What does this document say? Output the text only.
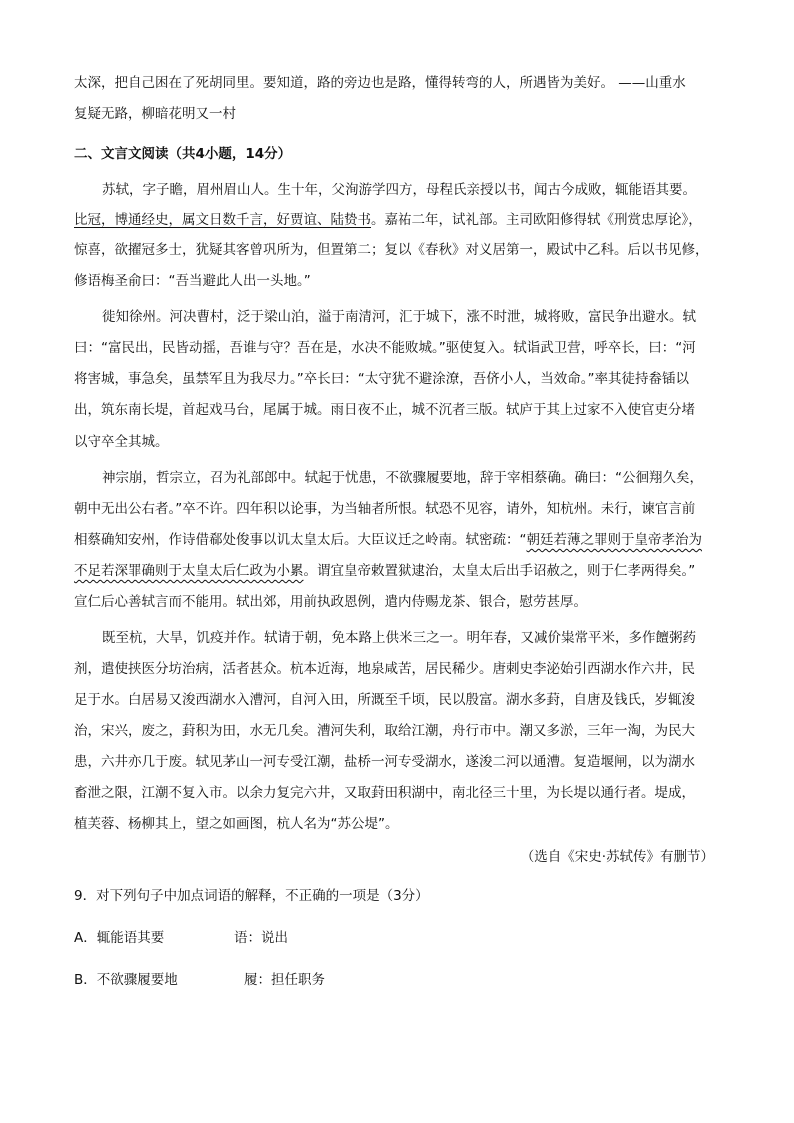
太深，把自己困在了死胡同里。要知道，路的旁边也是路，懂得转弯的人，所遇皆为美好。 ——山重水
复疑无路，柳暗花明又一村
二、文言文阅读（共4小题，14分）
苏轼，字子瞻，眉州眉山人。生十年，父洵游学四方，母程氏亲授以书，闻古今成败，辄能语其要。
比冠，博通经史，属文日数千言，好贾谊、陆贽书。嘉祐二年，试礼部。主司欧阳修得轼《刑赏忠厚论》，
惊喜，欲擢冠多士，犹疑其客曾巩所为，但置第二；复以《春秋》对义居第一，殿试中乙科。后以书见修，
修语梅圣俞曰：“吾当避此人出一头地。”
徙知徐州。河决曹村，泛于梁山泊，溢于南清河，汇于城下，涨不时泄，城将败，富民争出避水。轼
曰：“富民出，民皆动摇，吾谁与守？吾在是，水决不能败城。”驱使复入。轼诣武卫营，呼卒长，曰：“河
将害城，事急矣，虽禁军且为我尽力。”卒长曰：“太守犹不避涂潦，吾侪小人，当效命。”率其徒持畚锸以
出，筑东南长堤，首起戏马台，尾属于城。雨日夜不止，城不沉者三版。轼庐于其上过家不入使官吏分堵
以守卒全其城。
神宗崩，哲宗立，召为礼部郎中。轼起于忧患，不欲骤履要地，辞于宰相蔡确。确曰：“公徊翔久矣，
朝中无出公右者。”卒不许。四年积以论事，为当轴者所恨。轼恐不见容，请外，知杭州。未行，谏官言前
相蔡确知安州，作诗借郗处俊事以讥太皇太后。大臣议迁之岭南。轼密疏：“朝廷若薄之罪则于皇帝孝治为
不足若深罪确则于太皇太后仁政为小累。谓宜皇帝敕置狱逮治，太皇太后出手诏赦之，则于仁孝两得矣。”
宣仁后心善轼言而不能用。轼出郊，用前执政恩例，遣内侍赐龙茶、银合，慰劳甚厚。
既至杭，大旱，饥疫并作。轼请于朝，免本路上供米三之一。明年春，又减价粜常平米，多作饘粥药
剂，遣使挟医分坊治病，活者甚众。杭本近海，地泉咸苦，居民稀少。唐刺史李泌始引西湖水作六井，民
足于水。白居易又浚西湖水入漕河，自河入田，所溉至千顷，民以殷富。湖水多葑，自唐及钱氏，岁辄浚
治，宋兴，废之，葑积为田，水无几矣。漕河失利，取给江潮，舟行市中。潮又多淤，三年一淘，为民大
患，六井亦几于废。轼见茅山一河专受江潮，盐桥一河专受湖水，遂浚二河以通漕。复造堰闸，以为湖水
畜泄之限，江潮不复入市。以余力复完六井，又取葑田积湖中，南北径三十里，为长堤以通行者。堤成，
植芙蓉、杨柳其上，望之如画图，杭人名为“苏公堤”。
（选自《宋史·苏轼传》有删节）
9．对下列句子中加点词语的解释，不正确的一项是（3分）
A．辄能语其要	语：说出
B．不欲骤履要地	履：担任职务
